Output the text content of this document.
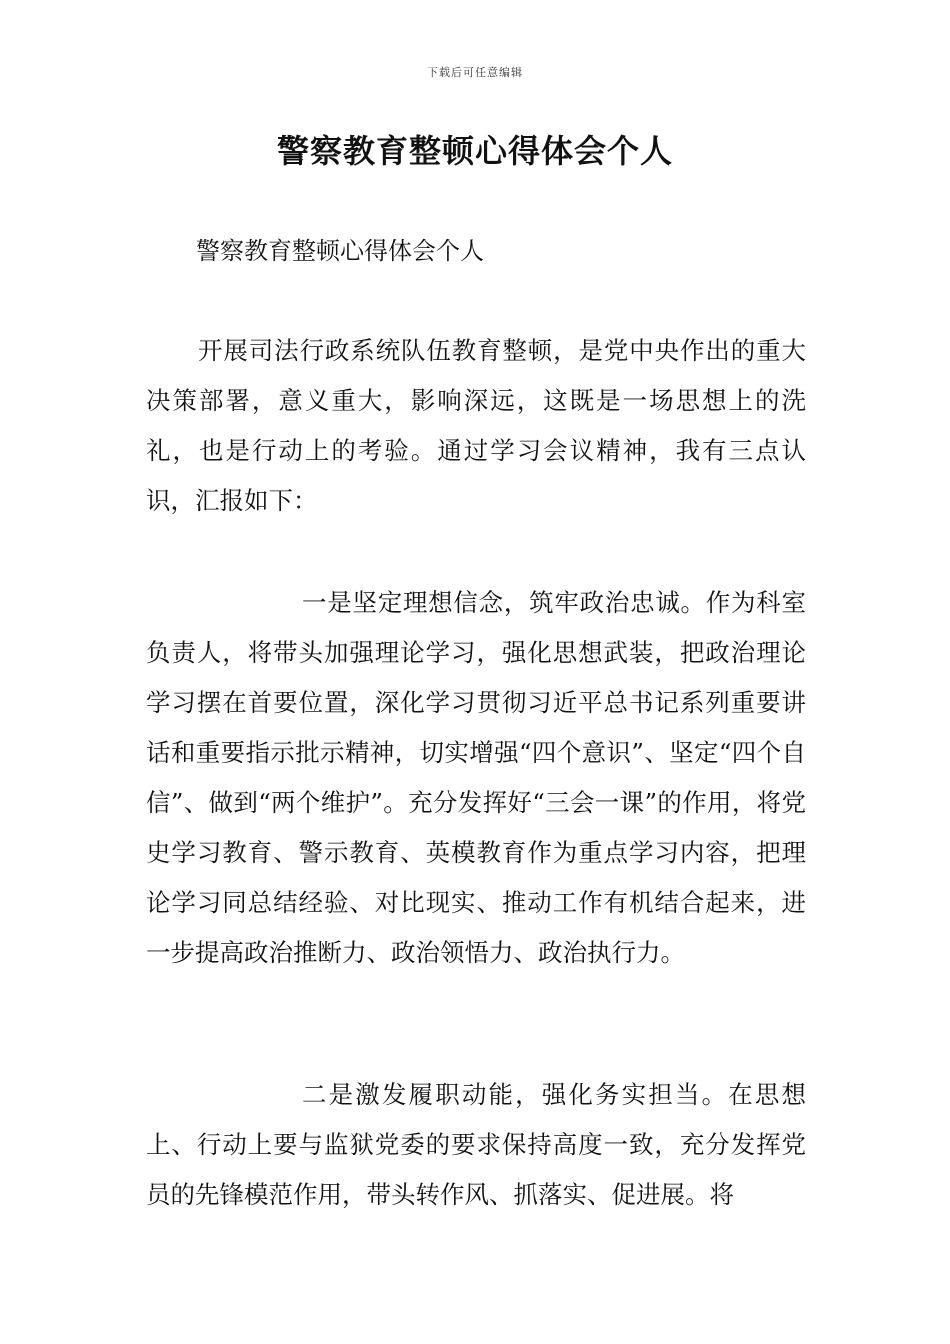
下载后可任意编辑
警察教育整顿心得体会个人
警察教育整顿心得体会个人

开展司法行政系统队伍教育整顿，是党中央作出的重大决策部署，意义重大，影响深远，这既是一场思想上的洗礼，也是行动上的考验。通过学习会议精神，我有三点认识，汇报如下：

一是坚定理想信念，筑牢政治忠诚。作为科室负责人，将带头加强理论学习，强化思想武装，把政治理论学习摆在首要位置，深化学习贯彻习近平总书记系列重要讲话和重要指示批示精神，切实增强“四个意识”、坚定“四个自信”、做到“两个维护”。充分发挥好“三会一课”的作用，将党史学习教育、警示教育、英模教育作为重点学习内容，把理论学习同总结经验、对比现实、推动工作有机结合起来，进一步提高政治推断力、政治领悟力、政治执行力。

二是激发履职动能，强化务实担当。在思想上、行动上要与监狱党委的要求保持高度一致，充分发挥党员的先锋模范作用，带头转作风、抓落实、促进展。将
